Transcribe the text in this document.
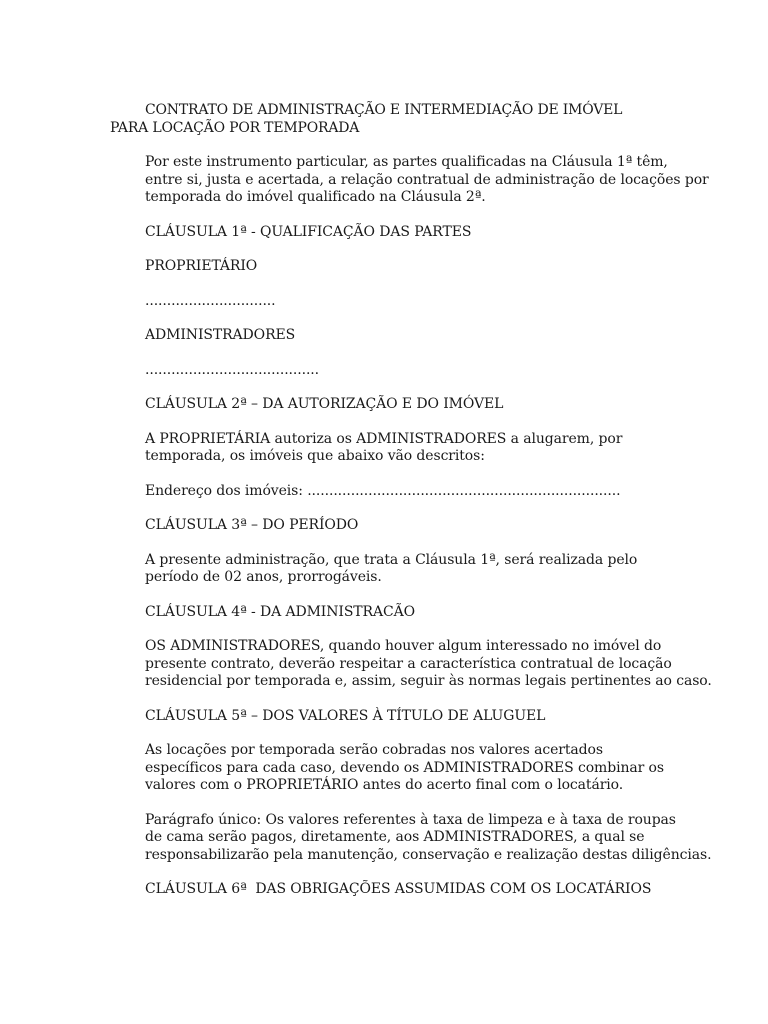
CONTRATO DE ADMINISTRAÇÃO E INTERMEDIAÇÃO DE IMÓVEL
PARA LOCAÇÃO POR TEMPORADA
Por este instrumento particular, as partes qualificadas na Cláusula 1ª têm,
entre si, justa e acertada, a relação contratual de administração de locações por
temporada do imóvel qualificado na Cláusula 2ª.
CLÁUSULA 1ª - QUALIFICAÇÃO DAS PARTES
PROPRIETÁRIO
..............................
ADMINISTRADORES
........................................
CLÁUSULA 2ª – DA AUTORIZAÇÃO E DO IMÓVEL
A PROPRIETÁRIA autoriza os ADMINISTRADORES a alugarem, por
temporada, os imóveis que abaixo vão descritos:
Endereço dos imóveis: ........................................................................
CLÁUSULA 3ª – DO PERÍODO
A presente administração, que trata a Cláusula 1ª, será realizada pelo
período de 02 anos, prorrogáveis.
CLÁUSULA 4ª - DA ADMINISTRACÃO
OS ADMINISTRADORES, quando houver algum interessado no imóvel do
presente contrato, deverão respeitar a característica contratual de locação
residencial por temporada e, assim, seguir às normas legais pertinentes ao caso.
CLÁUSULA 5ª – DOS VALORES À TÍTULO DE ALUGUEL
As locações por temporada serão cobradas nos valores acertados
específicos para cada caso, devendo os ADMINISTRADORES combinar os
valores com o PROPRIETÁRIO antes do acerto final com o locatário.
Parágrafo único: Os valores referentes à taxa de limpeza e à taxa de roupas
de cama serão pagos, diretamente, aos ADMINISTRADORES, a qual se
responsabilizarão pela manutenção, conservação e realização destas diligências.
CLÁUSULA 6ª  DAS OBRIGAÇÕES ASSUMIDAS COM OS LOCATÁRIOS
